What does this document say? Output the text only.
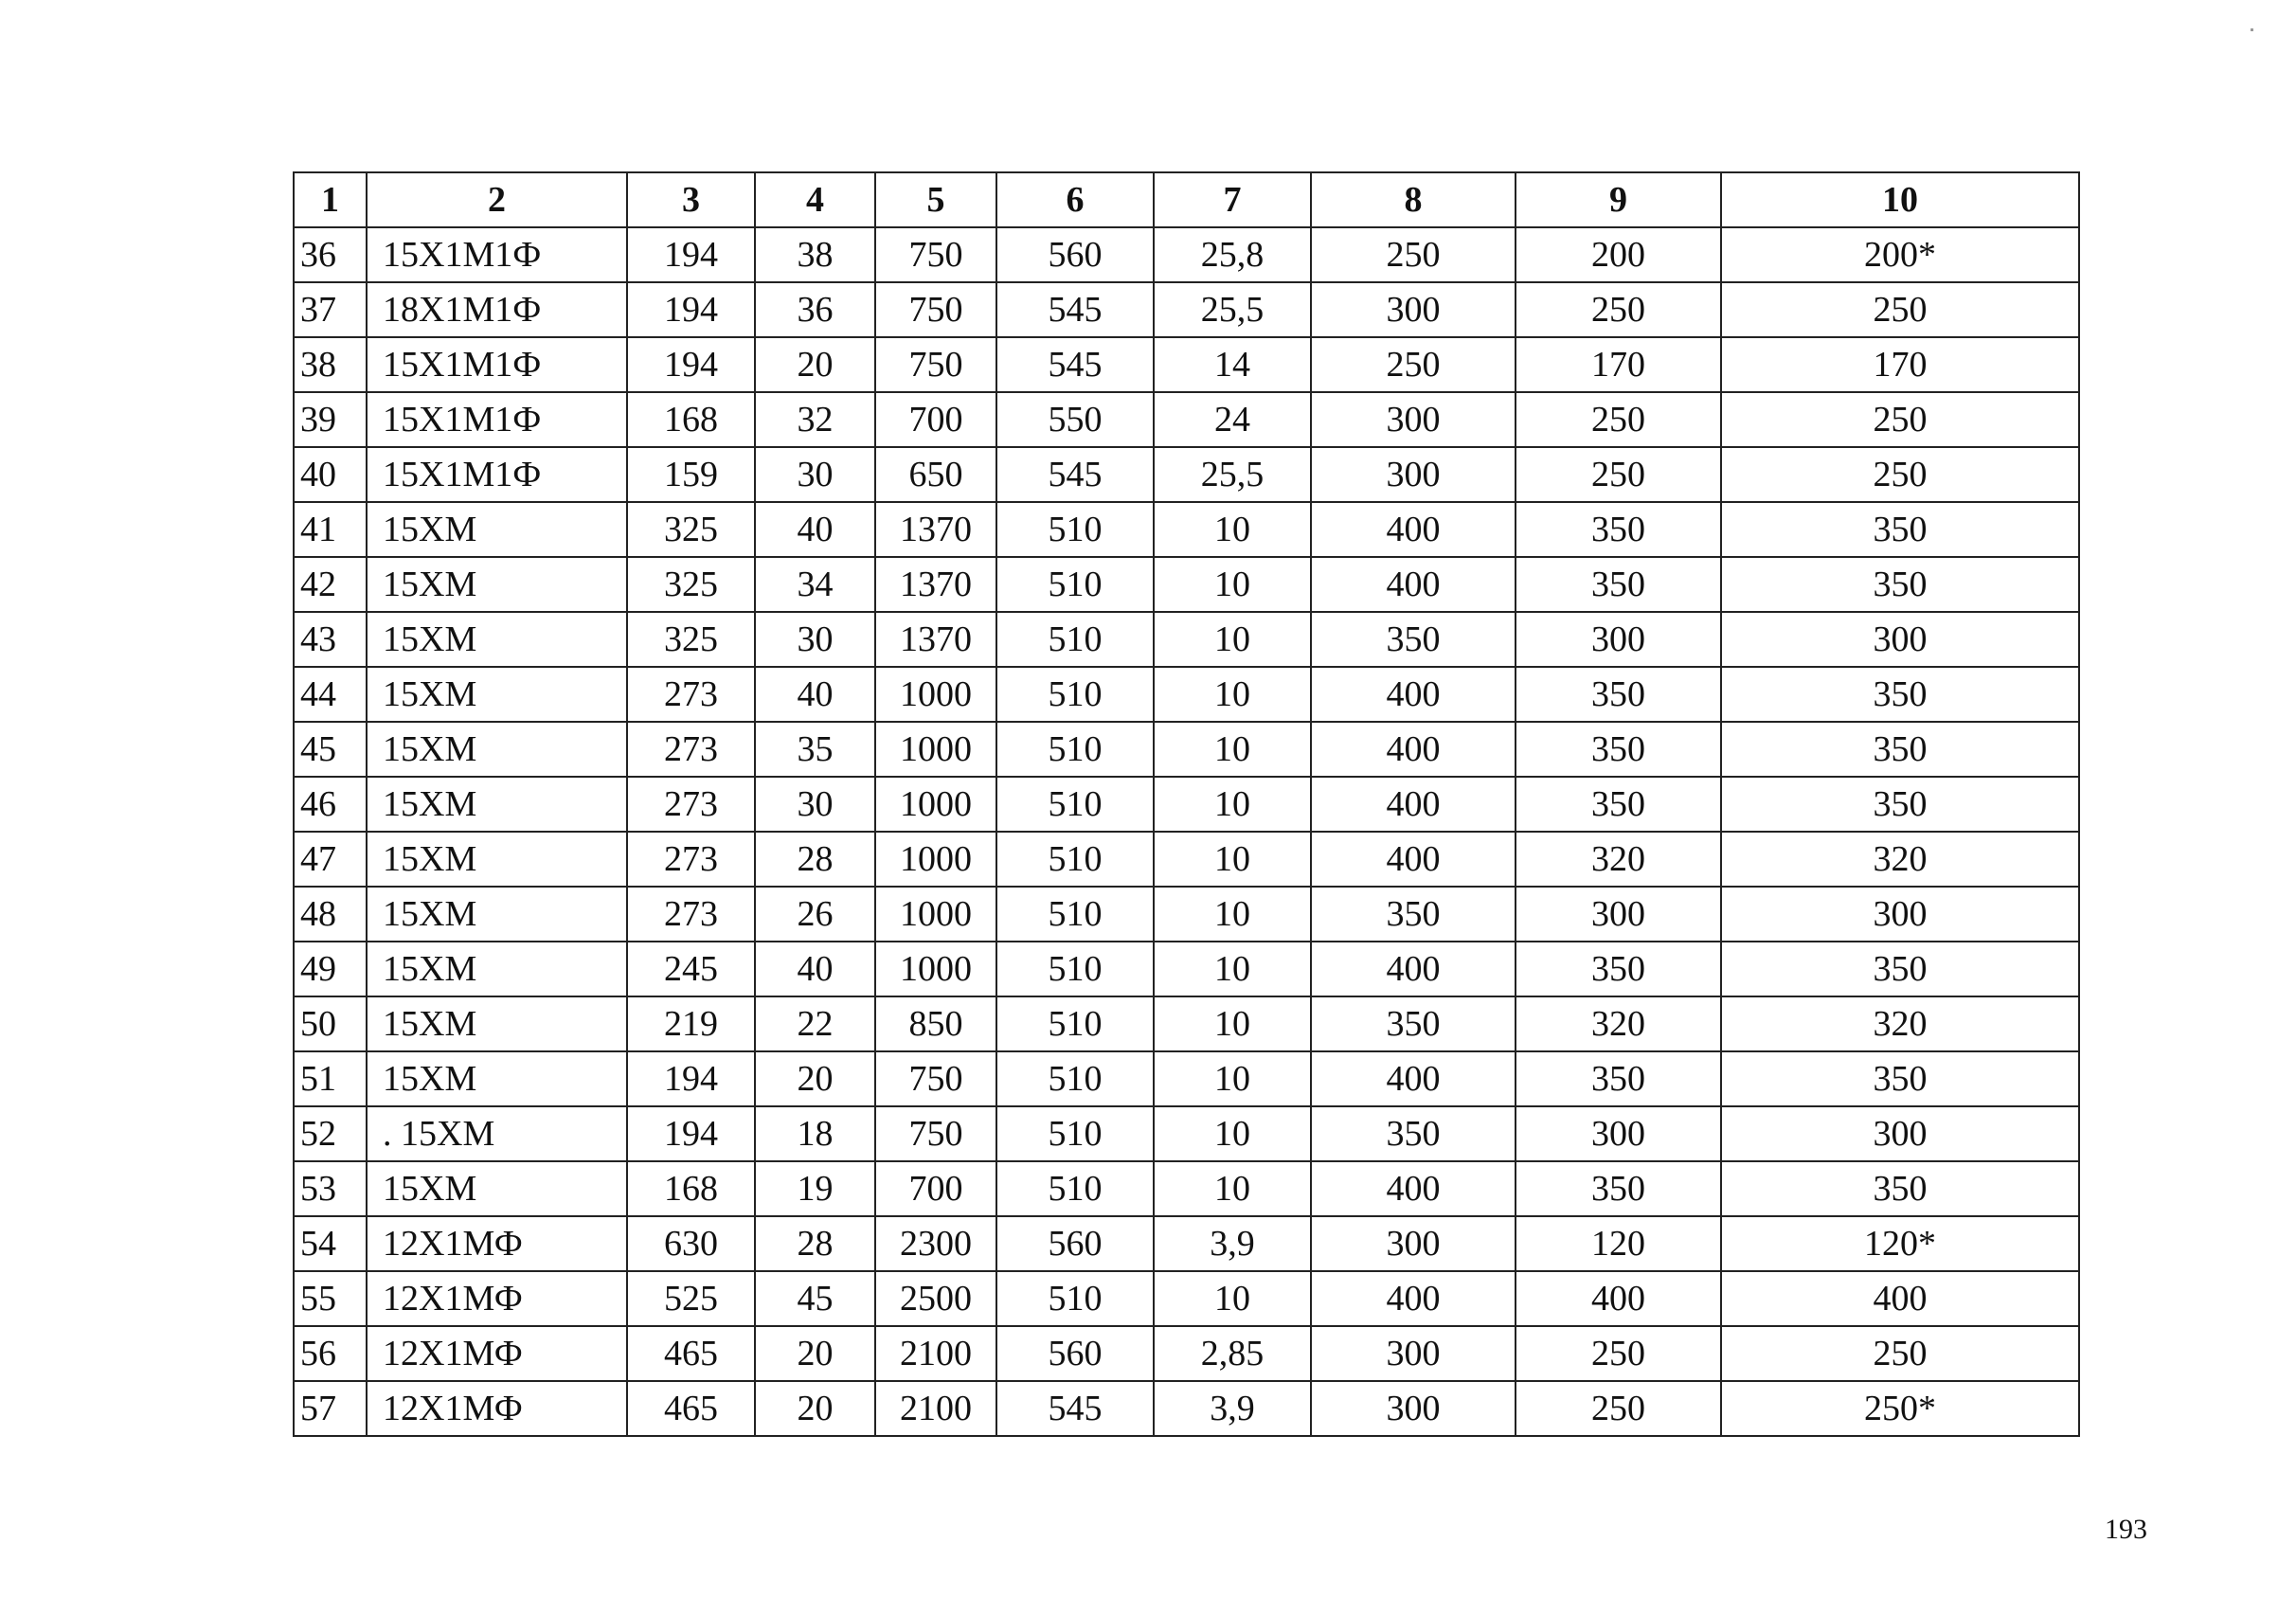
1	2	3	4	5	6	7	8	9	10
36	15Х1М1Ф	194	38	750	560	25,8	250	200	200*
37	18Х1М1Ф	194	36	750	545	25,5	300	250	250
38	15Х1М1Ф	194	20	750	545	14	250	170	170
39	15Х1М1Ф	168	32	700	550	24	300	250	250
40	15Х1М1Ф	159	30	650	545	25,5	300	250	250
41	15ХМ	325	40	1370	510	10	400	350	350
42	15ХМ	325	34	1370	510	10	400	350	350
43	15ХМ	325	30	1370	510	10	350	300	300
44	15ХМ	273	40	1000	510	10	400	350	350
45	15ХМ	273	35	1000	510	10	400	350	350
46	15ХМ	273	30	1000	510	10	400	350	350
47	15ХМ	273	28	1000	510	10	400	320	320
48	15ХМ	273	26	1000	510	10	350	300	300
49	15ХМ	245	40	1000	510	10	400	350	350
50	15ХМ	219	22	850	510	10	350	320	320
51	15ХМ	194	20	750	510	10	400	350	350
52	. 15ХМ	194	18	750	510	10	350	300	300
53	15ХМ	168	19	700	510	10	400	350	350
54	12Х1МФ	630	28	2300	560	3,9	300	120	120*
55	12Х1МФ	525	45	2500	510	10	400	400	400
56	12Х1МФ	465	20	2100	560	2,85	300	250	250
57	12Х1МФ	465	20	2100	545	3,9	300	250	250*
193
